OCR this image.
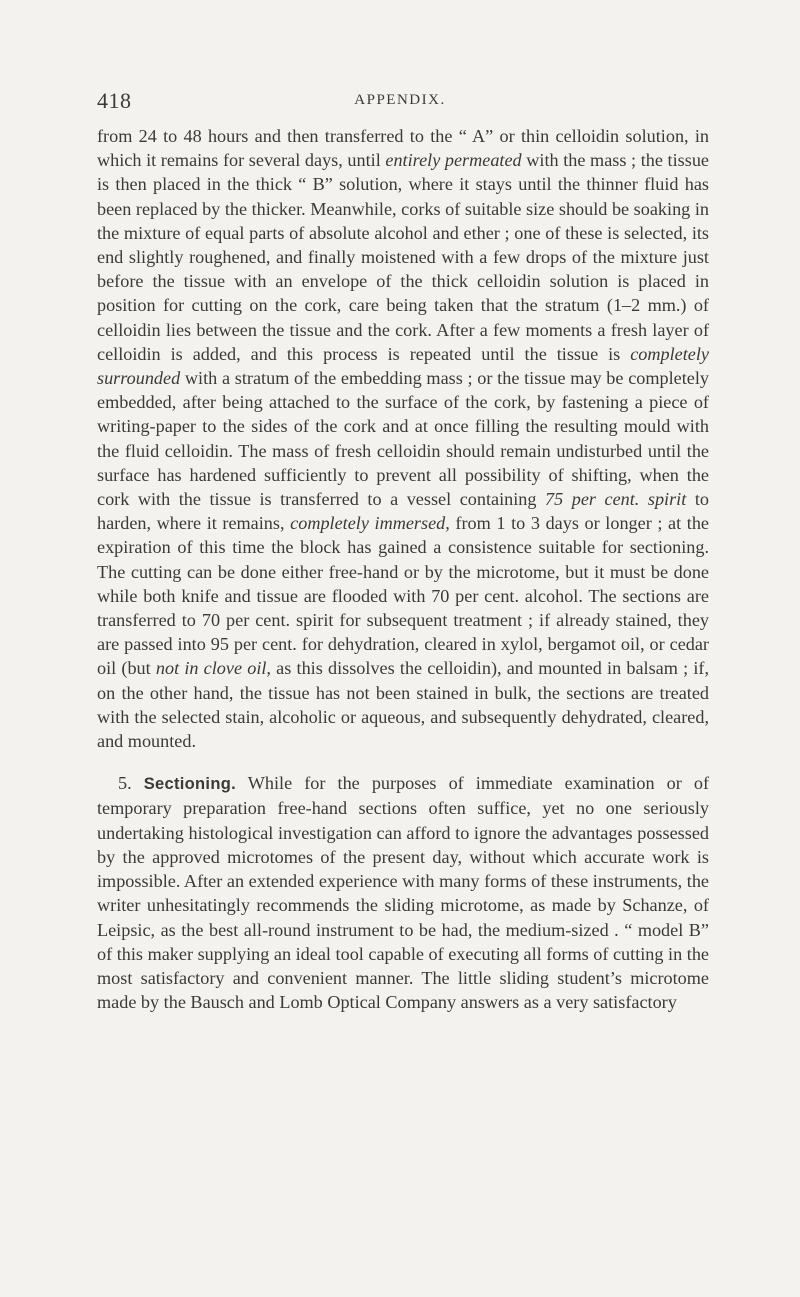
418	APPENDIX.

from 24 to 48 hours and then transferred to the “ A” or thin celloidin solution, in which it remains for several days, until entirely permeated with the mass ; the tissue is then placed in the thick “ B” solution, where it stays until the thinner fluid has been replaced by the thicker. Meanwhile, corks of suitable size should be soaking in the mixture of equal parts of absolute alcohol and ether ; one of these is selected, its end slightly roughened, and finally moistened with a few drops of the mixture just before the tissue with an envelope of the thick celloidin solution is placed in position for cutting on the cork, care being taken that the stratum (1–2 mm.) of celloidin lies between the tissue and the cork. After a few moments a fresh layer of celloidin is added, and this process is repeated until the tissue is completely surrounded with a stratum of the embedding mass ; or the tissue may be completely embedded, after being attached to the surface of the cork, by fastening a piece of writing-paper to the sides of the cork and at once filling the resulting mould with the fluid celloidin. The mass of fresh celloidin should remain undisturbed until the surface has hardened sufficiently to prevent all possibility of shifting, when the cork with the tissue is transferred to a vessel containing 75 per cent. spirit to harden, where it remains, completely immersed, from 1 to 3 days or longer ; at the expiration of this time the block has gained a consistence suitable for sectioning. The cutting can be done either free-hand or by the microtome, but it must be done while both knife and tissue are flooded with 70 per cent. alcohol. The sections are transferred to 70 per cent. spirit for subsequent treatment ; if already stained, they are passed into 95 per cent. for dehydration, cleared in xylol, bergamot oil, or cedar oil (but not in clove oil, as this dissolves the celloidin), and mounted in balsam ; if, on the other hand, the tissue has not been stained in bulk, the sections are treated with the selected stain, alcoholic or aqueous, and subsequently dehydrated, cleared, and mounted.

5. Sectioning. While for the purposes of immediate examination or of temporary preparation free-hand sections often suffice, yet no one seriously undertaking histological investigation can afford to ignore the advantages possessed by the approved microtomes of the present day, without which accurate work is impossible. After an extended experience with many forms of these instruments, the writer unhesitatingly recommends the sliding microtome, as made by Schanze, of Leipsic, as the best all-round instrument to be had, the medium-sized . “ model B” of this maker supplying an ideal tool capable of executing all forms of cutting in the most satisfactory and convenient manner. The little sliding student’s microtome made by the Bausch and Lomb Optical Company answers as a very satisfactory
